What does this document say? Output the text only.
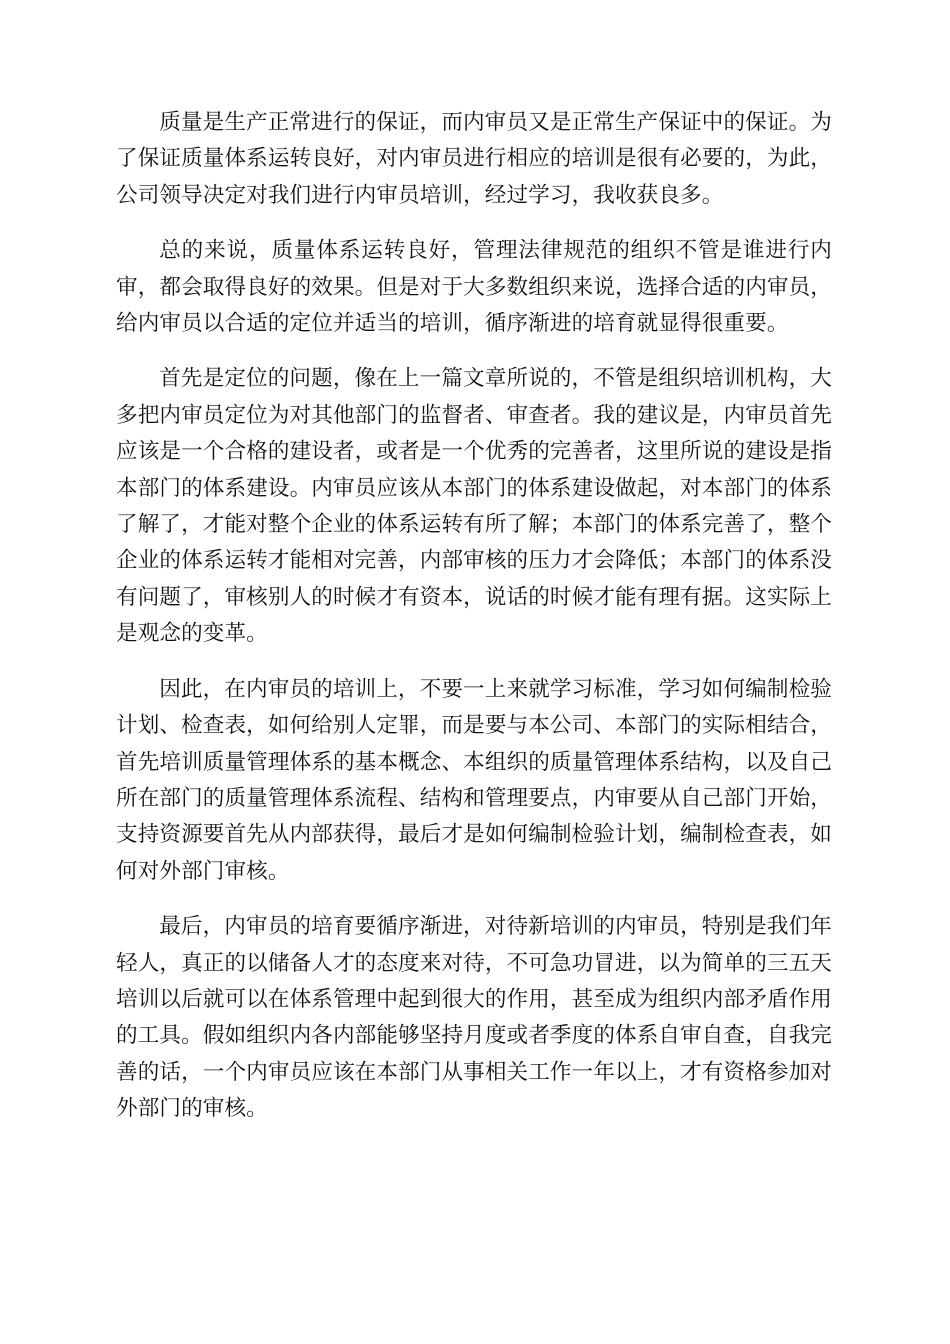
质量是生产正常进行的保证，而内审员又是正常生产保证中的保证。为了保证质量体系运转良好，对内审员进行相应的培训是很有必要的，为此，公司领导决定对我们进行内审员培训，经过学习，我收获良多。

总的来说，质量体系运转良好，管理法律规范的组织不管是谁进行内审，都会取得良好的效果。但是对于大多数组织来说，选择合适的内审员，给内审员以合适的定位并适当的培训，循序渐进的培育就显得很重要。

首先是定位的问题，像在上一篇文章所说的，不管是组织培训机构，大多把内审员定位为对其他部门的监督者、审查者。我的建议是，内审员首先应该是一个合格的建设者，或者是一个优秀的完善者，这里所说的建设是指本部门的体系建设。内审员应该从本部门的体系建设做起，对本部门的体系了解了，才能对整个企业的体系运转有所了解；本部门的体系完善了，整个企业的体系运转才能相对完善，内部审核的压力才会降低；本部门的体系没有问题了，审核别人的时候才有资本，说话的时候才能有理有据。这实际上是观念的变革。

因此，在内审员的培训上，不要一上来就学习标准，学习如何编制检验计划、检查表，如何给别人定罪，而是要与本公司、本部门的实际相结合，首先培训质量管理体系的基本概念、本组织的质量管理体系结构，以及自己所在部门的质量管理体系流程、结构和管理要点，内审要从自己部门开始，支持资源要首先从内部获得，最后才是如何编制检验计划，编制检查表，如何对外部门审核。

最后，内审员的培育要循序渐进，对待新培训的内审员，特别是我们年轻人，真正的以储备人才的态度来对待，不可急功冒进，以为简单的三五天培训以后就可以在体系管理中起到很大的作用，甚至成为组织内部矛盾作用的工具。假如组织内各内部能够坚持月度或者季度的体系自审自查，自我完善的话，一个内审员应该在本部门从事相关工作一年以上，才有资格参加对外部门的审核。
